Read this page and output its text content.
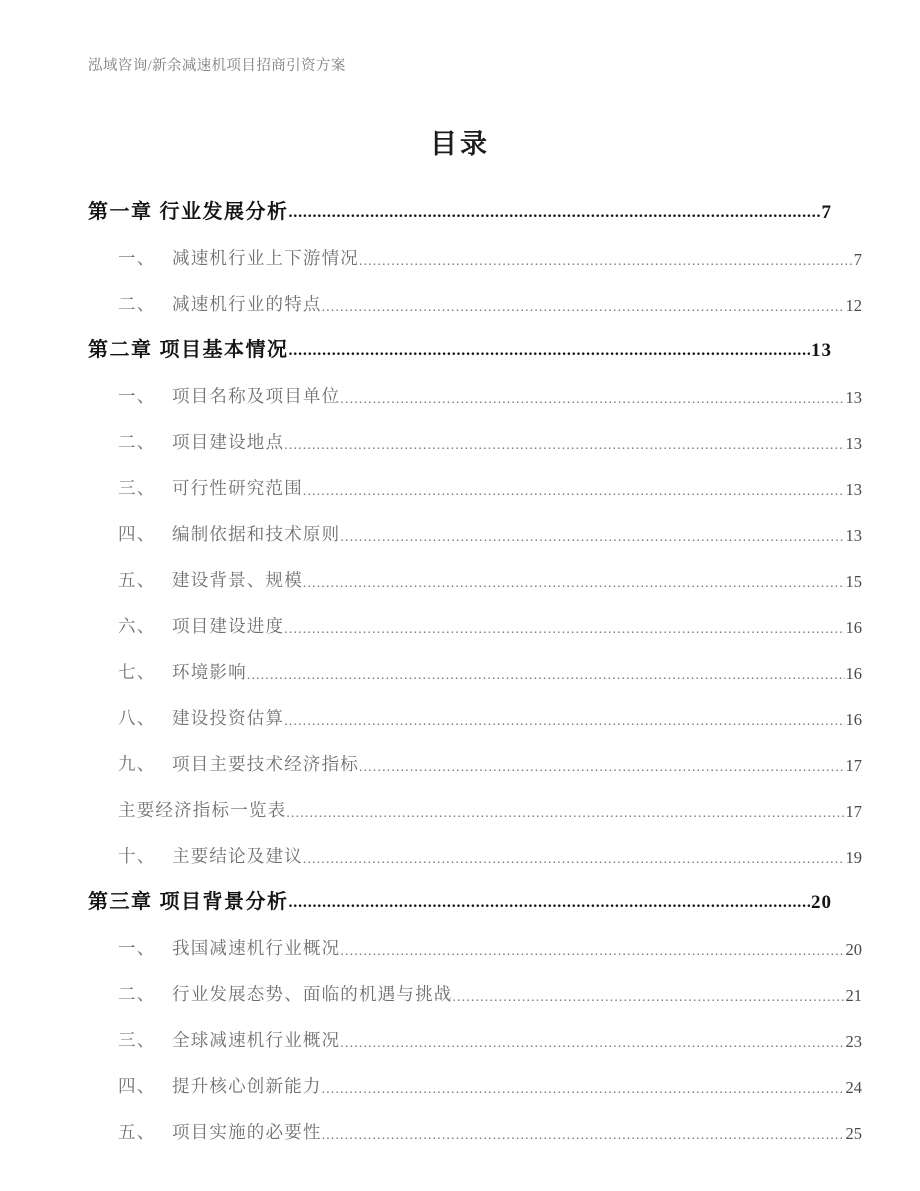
泓域咨询/新余减速机项目招商引资方案
目录
第一章 行业发展分析 .....	7
一、 减速机行业上下游情况 .....	7
二、 减速机行业的特点 .....	12
第二章 项目基本情况 .....	13
一、 项目名称及项目单位 .....	13
二、 项目建设地点 .....	13
三、 可行性研究范围 .....	13
四、 编制依据和技术原则 .....	13
五、 建设背景、规模 .....	15
六、 项目建设进度 .....	16
七、 环境影响 .....	16
八、 建设投资估算 .....	16
九、 项目主要技术经济指标 .....	17
主要经济指标一览表 .....	17
十、 主要结论及建议 .....	19
第三章 项目背景分析 .....	20
一、 我国减速机行业概况 .....	20
二、 行业发展态势、面临的机遇与挑战 .....	21
三、 全球减速机行业概况 .....	23
四、 提升核心创新能力 .....	24
五、 项目实施的必要性 .....	25
